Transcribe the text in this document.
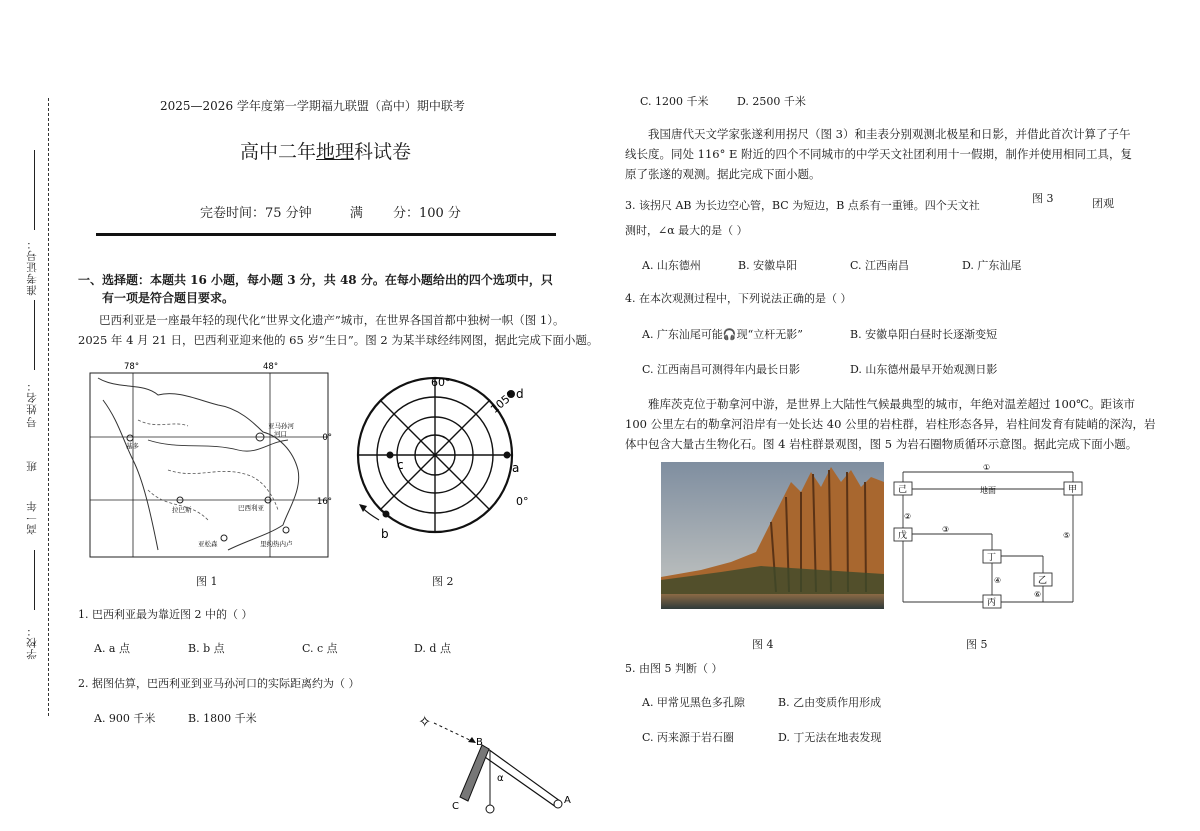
准考证号：
姓名：
号
班
高一年
学校：
2025—2026 学年度第一学期福九联盟（高中）期中联考
高中二年地理科试卷
完卷时间：75 分钟	满 分：100 分
一、选择题：本题共 16 小题，每小题 3 分，共 48 分。在每小题给出的四个选项中，只
有一项是符合题目要求。
巴西利亚是一座最年轻的现代化“世界文化遗产”城市，在世界各国首都中独树一帜（图 1）。
2025 年 4 月 21 日，巴西利亚迎来他的 65 岁“生日”。图 2 为某半球经纬网图，据此完成下面小题。
78°	48°
0°
16°
亚马孙河
河口
基多
拉巴斯	巴西利亚
亚松森	里约热内卢
图 1
60°
105° d
a
c
b
0°
图 2
1. 巴西利亚最为靠近图 2 中的（ ）
A. a 点	B. b 点	C. c 点	D. d 点
2. 据图估算，巴西利亚到亚马孙河口的实际距离约为（ ）
A. 900 千米	B. 1800 千米	✧
B
C
A
α
C. 1200 千米	D. 2500 千米
我国唐代天文学家张遂利用拐尺（图 3）和圭表分别观测北极星和日影，并借此首次计算了子午
线长度。同处 116° E 附近的四个不同城市的中学天文社团利用十一假期，制作并使用相同工具，复
原了张遂的观测。据此完成下面小题。
3. 该拐尺 AB 为长边空心管，BC 为短边，B 点系有一重锤。四个天文社
图 3	团观
测时，∠α 最大的是（ ）
A. 山东德州	B. 安徽阜阳	C. 江西南昌	D. 广东汕尾
4. 在本次观测过程中，下列说法正确的是（ ）
A. 广东汕尾可能🎧现“立杆无影”	B. 安徽阜阳白昼时长逐渐变短
C. 江西南昌可测得年内最长日影	D. 山东德州最早开始观测日影
雅库茨克位于勒拿河中游，是世界上大陆性气候最典型的城市，年绝对温差超过 100℃。距该市
100 公里左右的勒拿河沿岸有一处长达 40 公里的岩柱群，岩柱形态各异，岩柱间发育有陡峭的深沟，岩
体中包含大量古生物化石。图 4 岩柱群景观图，图 5 为岩石圈物质循环示意图。据此完成下面小题。
图 4
己	甲
地面
戊
丁
乙
丙
①
②
③
④
⑤
⑥
图 5
5. 由图 5 判断（ ）
A. 甲常见黑色多孔隙	B. 乙由变质作用形成
C. 丙来源于岩石圈	D. 丁无法在地表发现
